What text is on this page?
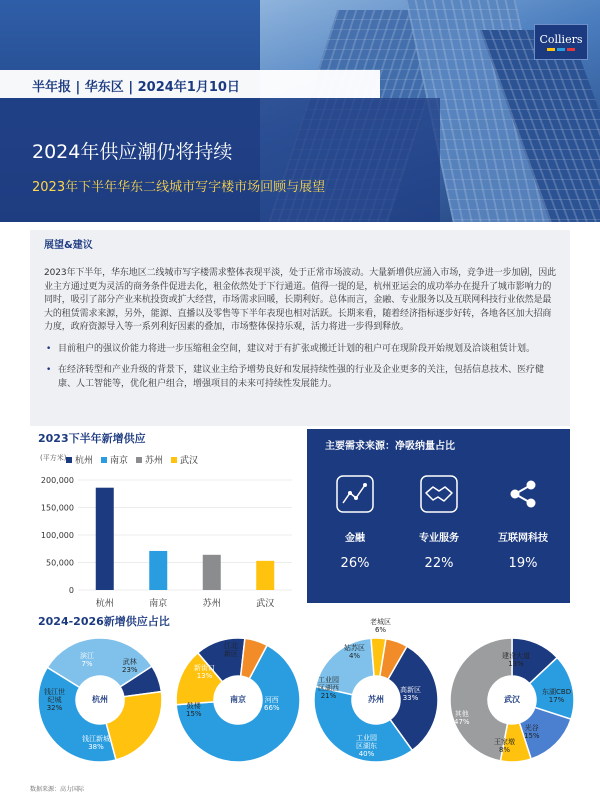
Colliers
半年报 | 华东区 | 2024年1月10日
2024年供应潮仍将持续
2023年下半年华东二线城市写字楼市场回顾与展望
展望&建议

2023年下半年，华东地区二线城市写字楼需求整体表现平淡，处于正常市场波动。大量新增供应涌入市场，竞争进一步加剧，因此业主方通过更为灵活的商务条件促进去化，租金依然处于下行通道。值得一提的是，杭州亚运会的成功举办在提升了城市影响力的同时，吸引了部分产业来杭投资或扩大经营，市场需求回暖，长期利好。总体而言，金融、专业服务以及互联网科技行业依然是最大的租赁需求来源，另外，能源、直播以及零售等下半年表现也相对活跃。长期来看，随着经济指标逐步好转，各地各区加大招商力度，政府资源导入等一系列利好因素的叠加，市场整体保持乐观，活力将进一步得到释放。

• 目前租户的强议价能力将进一步压缩租金空间，建议对于有扩张或搬迁计划的租户可在现阶段开始规划及洽谈租赁计划。
• 在经济转型和产业升级的背景下，建议业主给予增势良好和发展持续性强的行业及企业更多的关注，包括信息技术、医疗健康、人工智能等，优化租户组合，增强项目的未来可持续性发展能力。
2023下半年新增供应
(平方米) 杭州 南京 苏州 武汉
0
50,000
100,000
150,000
200,000
杭州	南京	苏州	武汉
主要需求来源：净吸纳量占比
金融
26%
专业服务
22%
互联网科技
19%
2024-2026新增供应占比
杭州
武林
23%
滨江
7%
钱江世
纪城
32%
钱江新城
38%
南京	河西
66%
鼓楼
15%
新街口
13%
江北
新区
苏州
老城区
6%
姑苏区
4%
工业园
区湖西
21%
高新区
33%
工业园
区湖东
40%
武汉
建设大道
13%
东湖CBD
17%
光谷
15%
王家墩
8%
其他
47%
数据来源：高力国际
